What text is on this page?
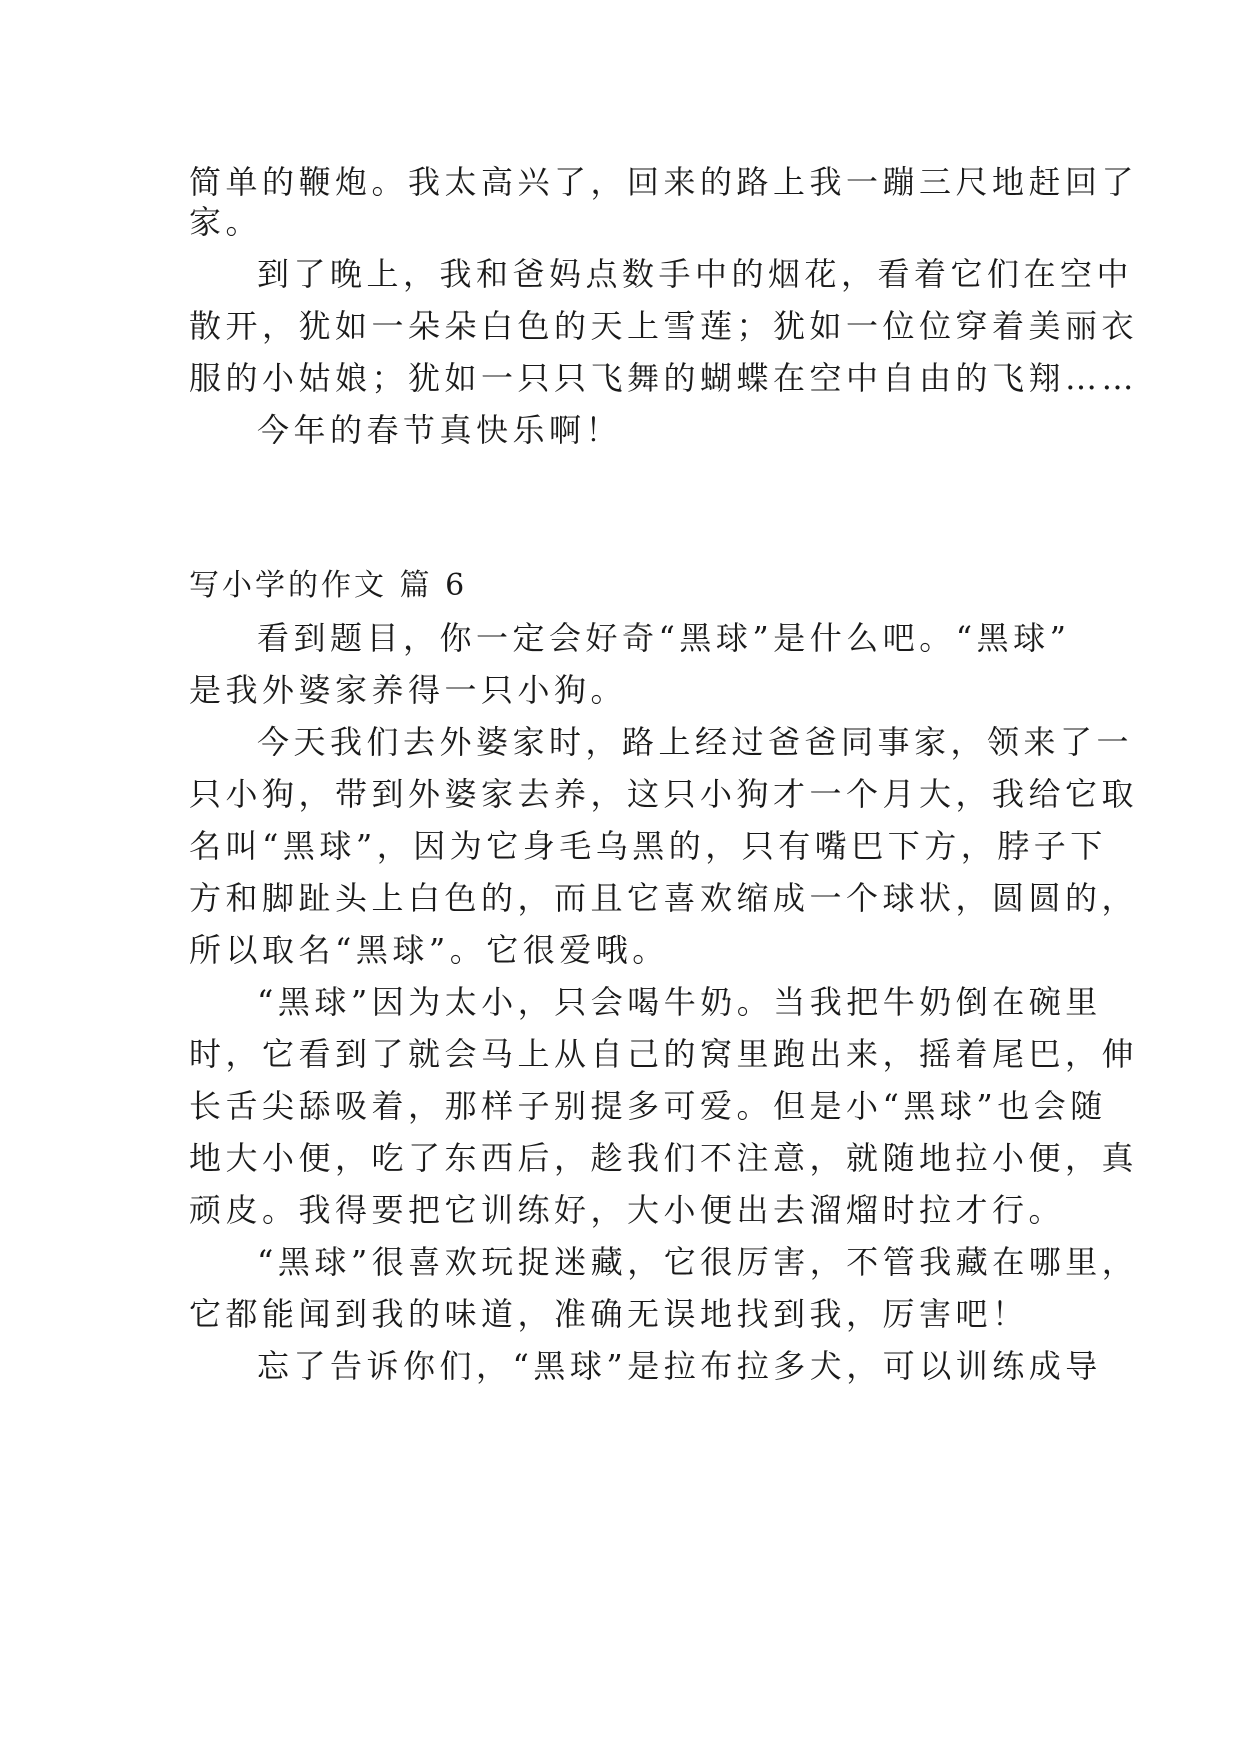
简单的鞭炮。我太高兴了，回来的路上我一蹦三尺地赶回了
家。
到了晚上，我和爸妈点数手中的烟花，看着它们在空中
散开，犹如一朵朵白色的天上雪莲；犹如一位位穿着美丽衣
服的小姑娘；犹如一只只飞舞的蝴蝶在空中自由的飞翔……
今年的春节真快乐啊！
写小学的作文 篇 6
看到题目，你一定会好奇“黑球”是什么吧。“黑球”
是我外婆家养得一只小狗。
今天我们去外婆家时，路上经过爸爸同事家，领来了一
只小狗，带到外婆家去养，这只小狗才一个月大，我给它取
名叫“黑球”，因为它身毛乌黑的，只有嘴巴下方，脖子下
方和脚趾头上白色的，而且它喜欢缩成一个球状，圆圆的，
所以取名“黑球”。它很爱哦。
“黑球”因为太小，只会喝牛奶。当我把牛奶倒在碗里
时，它看到了就会马上从自己的窝里跑出来，摇着尾巴，伸
长舌尖舔吸着，那样子别提多可爱。但是小“黑球”也会随
地大小便，吃了东西后，趁我们不注意，就随地拉小便，真
顽皮。我得要把它训练好，大小便出去溜熘时拉才行。
“黑球”很喜欢玩捉迷藏，它很厉害，不管我藏在哪里，
它都能闻到我的味道，准确无误地找到我，厉害吧！
忘了告诉你们，“黑球”是拉布拉多犬，可以训练成导
